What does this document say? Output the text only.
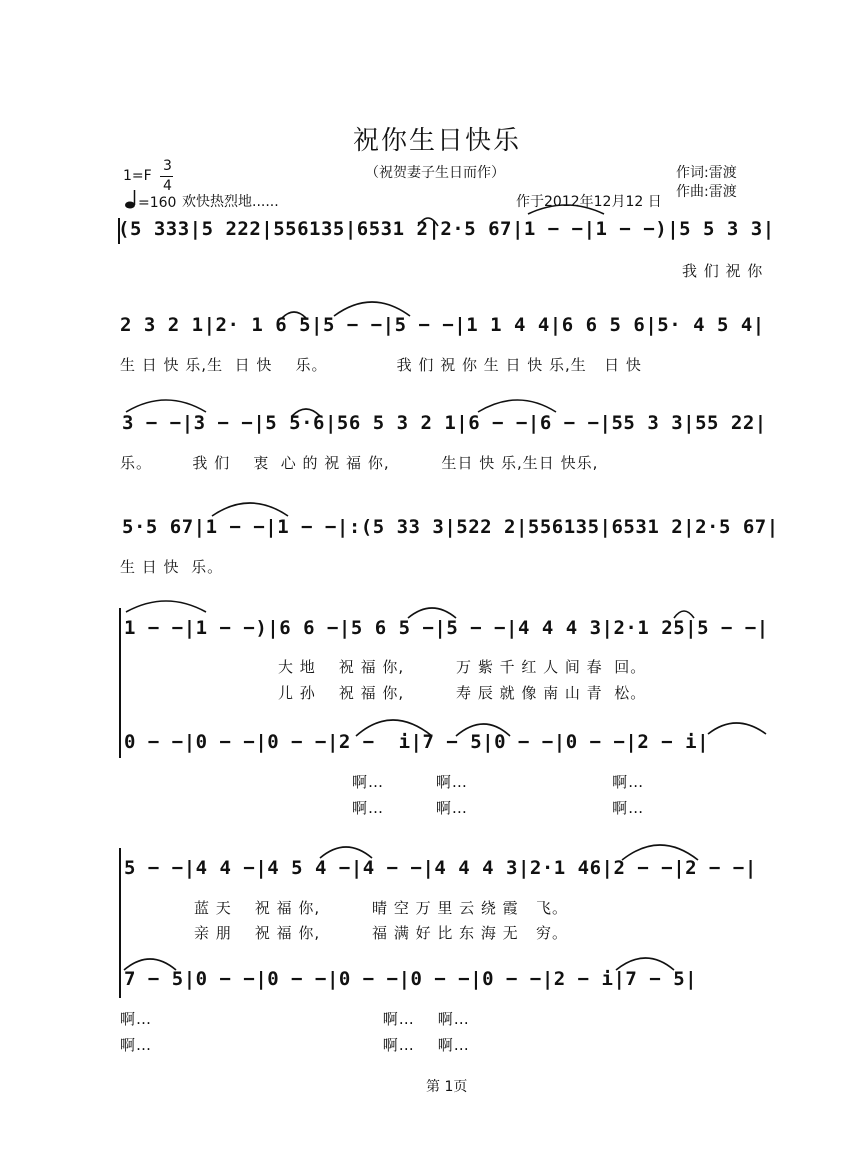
祝你生日快乐
（祝贺妻子生日而作）	作词:雷渡
作曲:雷渡
1=F
3
4
=160 欢快热烈地......	作于2012年12月12 日
(5 333|5 222|556135|6531 2|2·5 67|1 − −|1 − −)|5 5 3 3|
我 们 祝 你
2 3 2 1|2· 1 6 5|5 − −|5 − −|1 1 4 4|6 6 5 6|5· 4 5 4|
生 日 快 乐,生  日 快    乐。            我 们 祝 你 生 日 快 乐,生   日 快
3 − −|3 − −|5 5·6|56 5 3 2 1|6 − −|6 − −|55 3 3|55 22|
乐。       我 们    衷  心 的 祝 福 你,         生日 快 乐,生日 快乐,
5·5 67|1 − −|1 − −|:(5 33 3|522 2|556135|6531 2|2·5 67|
生 日 快  乐。
1 − −|1 − −)|6 6 −|5 6 5 −|5 − −|4 4 4 3|2·1 25|5 − −|
大 地    祝 福 你,         万 紫 千 红 人 间 春  回。
儿 孙    祝 福 你,         寿 辰 就 像 南 山 青  松。
0 − −|0 − −|0 − −|2 −  i|7 − 5|0 − −|0 − −|2 − i|
啊…         啊…                         啊…
啊…         啊…                         啊…
5 − −|4 4 −|4 5 4 −|4 − −|4 4 4 3|2·1 46|2 − −|2 − −|
蓝 天    祝 福 你,         晴 空 万 里 云 绕 霞   飞。
亲 朋    祝 福 你,         福 满 好 比 东 海 无   穷。
7 − 5|0 − −|0 − −|0 − −|0 − −|0 − −|2 − i|7 − 5|
啊…                                        啊…    啊…
啊…                                        啊…    啊…
第 1页
